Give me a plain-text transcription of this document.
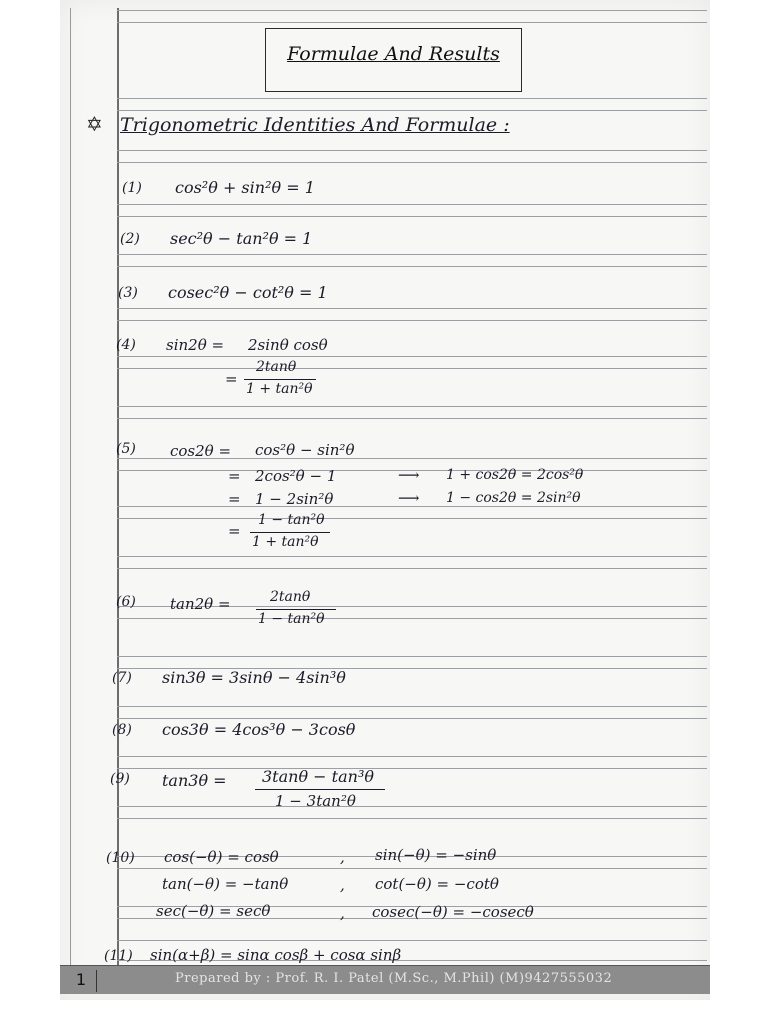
Formulae And Results
✡ Trigonometric Identities And Formulae :
(1) cos²θ + sin²θ = 1
(2) sec²θ − tan²θ = 1
(3) cosec²θ − cot²θ = 1
(4) sin2θ = 2sinθ cosθ
=
2tanθ
1 + tan²θ
(5) cos2θ = cos²θ − sin²θ
= 2cos²θ − 1	⟶ 1 + cos2θ = 2cos²θ
= 1 − 2sin²θ	⟶ 1 − cos2θ = 2sin²θ
=
1 − tan²θ
1 + tan²θ
(6) tan2θ =	2tanθ
1 − tan²θ
(7) sin3θ = 3sinθ − 4sin³θ
(8) cos3θ = 4cos³θ − 3cosθ
(9) tan3θ = 3tanθ − tan³θ
1 − 3tan²θ
(10) cos(−θ) = cosθ	, sin(−θ) = −sinθ
tan(−θ) = −tanθ	, cot(−θ) = −cotθ
sec(−θ) = secθ	, cosec(−θ) = −cosecθ
(11) sin(α+β) = sinα cosβ + cosα sinβ
1	Prepared by : Prof. R. I. Patel (M.Sc., M.Phil) (M)9427555032
